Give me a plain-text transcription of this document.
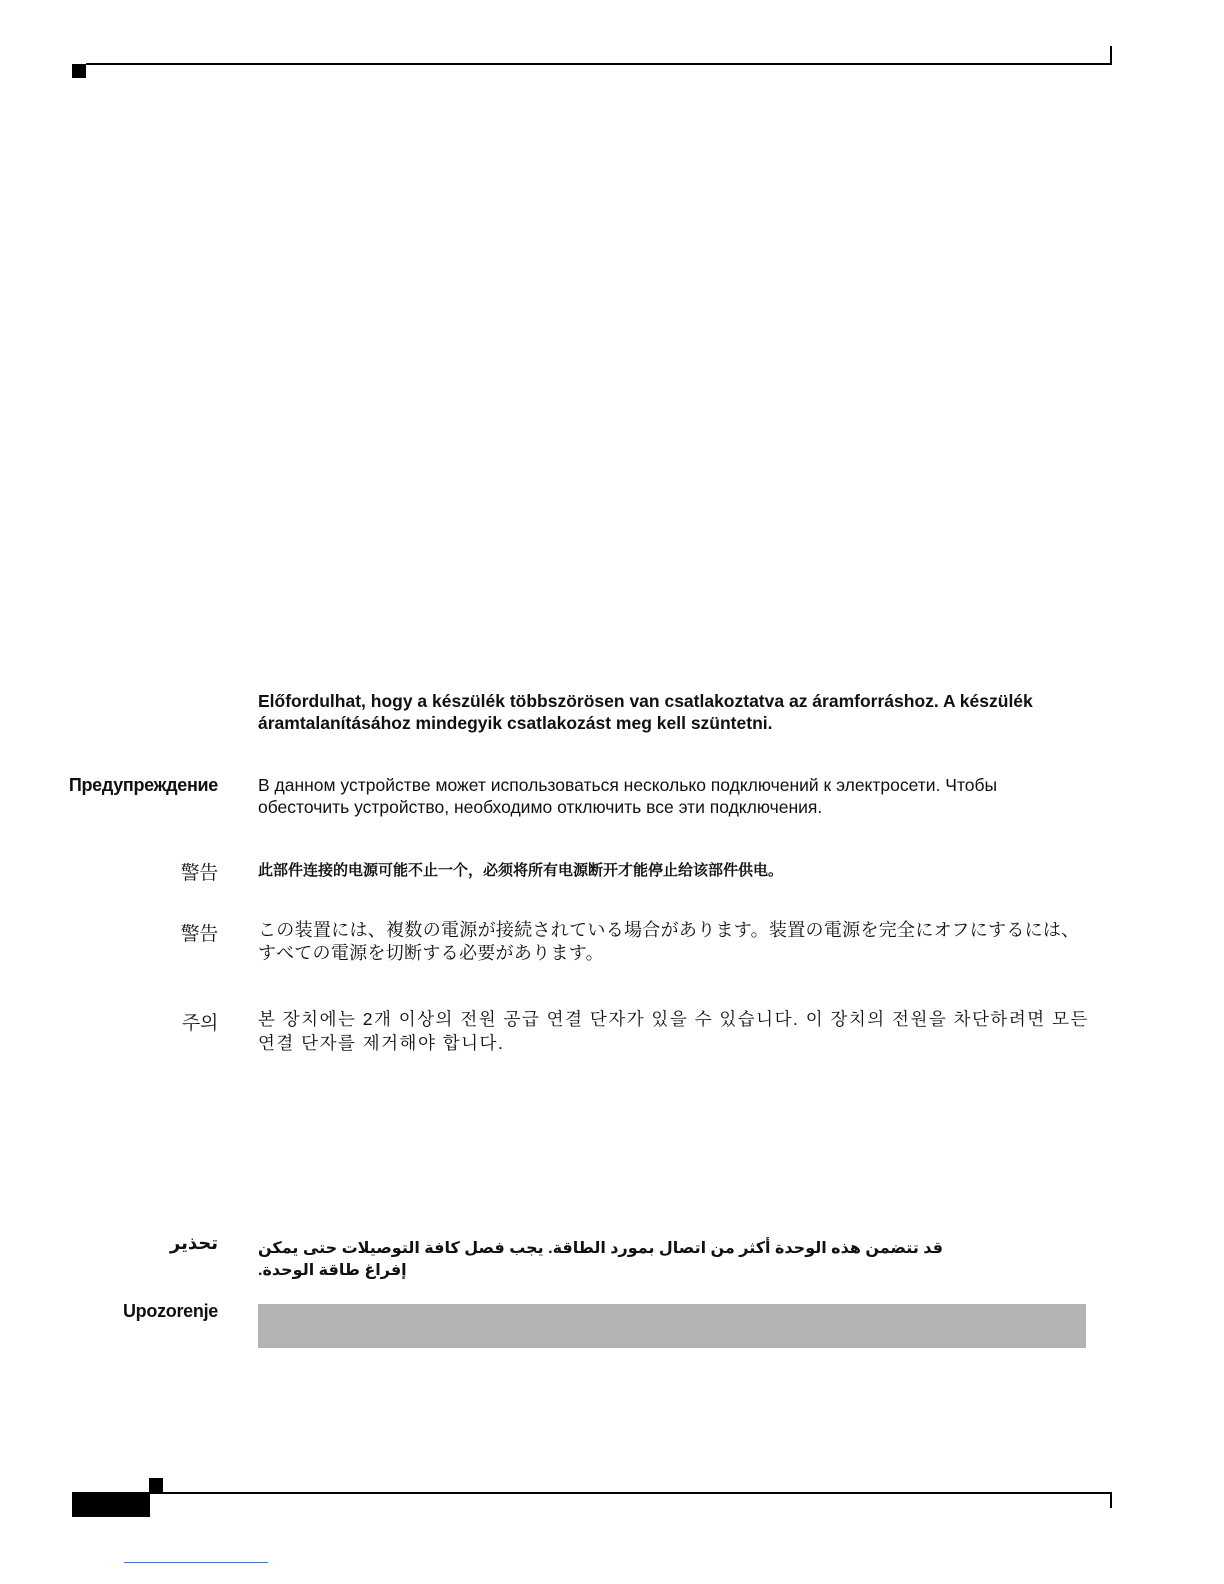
Előfordulhat, hogy a készülék többszörösen van csatlakoztatva az áramforráshoz. A készülék áramtalanításához mindegyik csatlakozást meg kell szüntetni.
Предупреждение В данном устройстве может использоваться несколько подключений к электросети. Чтобы обесточить устройство, необходимо отключить все эти подключения.
警告	此部件连接的电源可能不止一个，必须将所有电源断开才能停止给该部件供电。
警告 この装置には、複数の電源が接続されている場合があります。装置の電源を完全にオフにするには、すべての電源を切断する必要があります。
주의 본 장치에는 2개 이상의 전원 공급 연결 단자가 있을 수 있습니다. 이 장치의 전원을 차단하려면 모든 연결 단자를 제거해야 합니다.
تحذير	قد تتضمن هذه الوحدة أكثر من اتصال بمورد الطاقة. يجب فصل كافة التوصيلات حتى يمكن إفراغ طاقة الوحدة.
Upozorenje
